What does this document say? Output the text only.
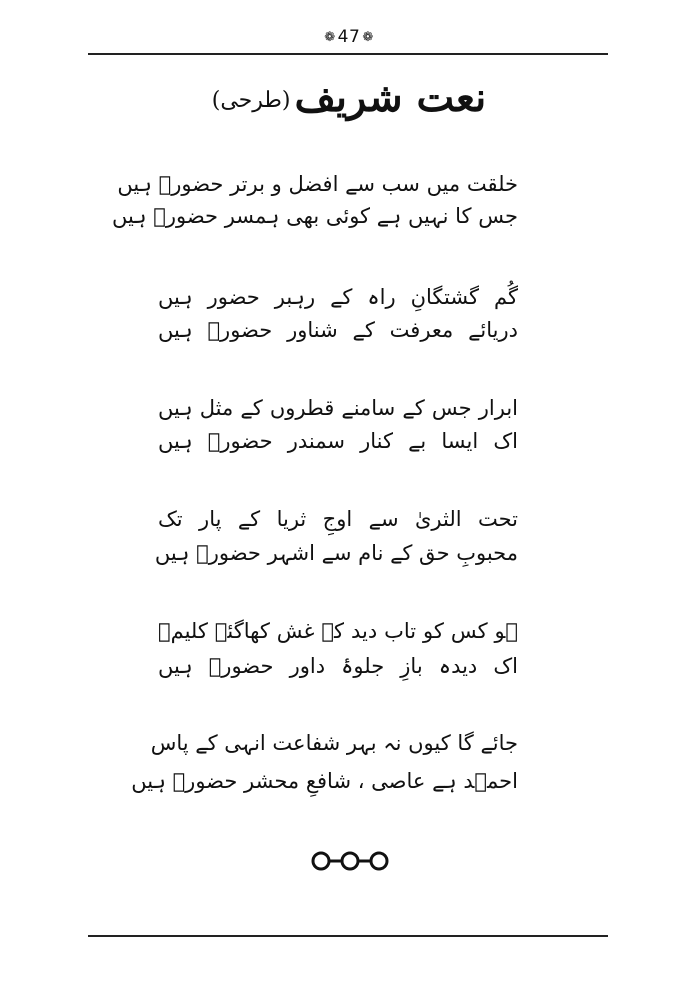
❁ 47 ❁
نعت شریف(طرحی)
خلقت میں سب سے افضل و برتر حضورؐ ہیں
جس کا نہیں ہے کوئی بھی ہمسر حضورؐ ہیں
گُم گشتگانِ راہ کے رہبر حضور ہیں
دریائے معرفت کے شناور حضورؐ ہیں
ابرار جس کے سامنے قطروں کے مثل ہیں
اک ایسا بے کنار سمندر حضورؐ ہیں
تحت الثریٰ سے اوجِ ثریا کے پار تک
محبوبِ حق کے نام سے اشہر حضورؐ ہیں
ہو کس کو تاب دید کہ غش کھاگئے کلیمؑ
اک دیدہ بازِ جلوۂ داور حضورؐ ہیں
جائے گا کیوں نہ بہر شفاعت انہی کے پاس
احمؔد ہے عاصی ، شافعِ محشر حضورؐ ہیں
